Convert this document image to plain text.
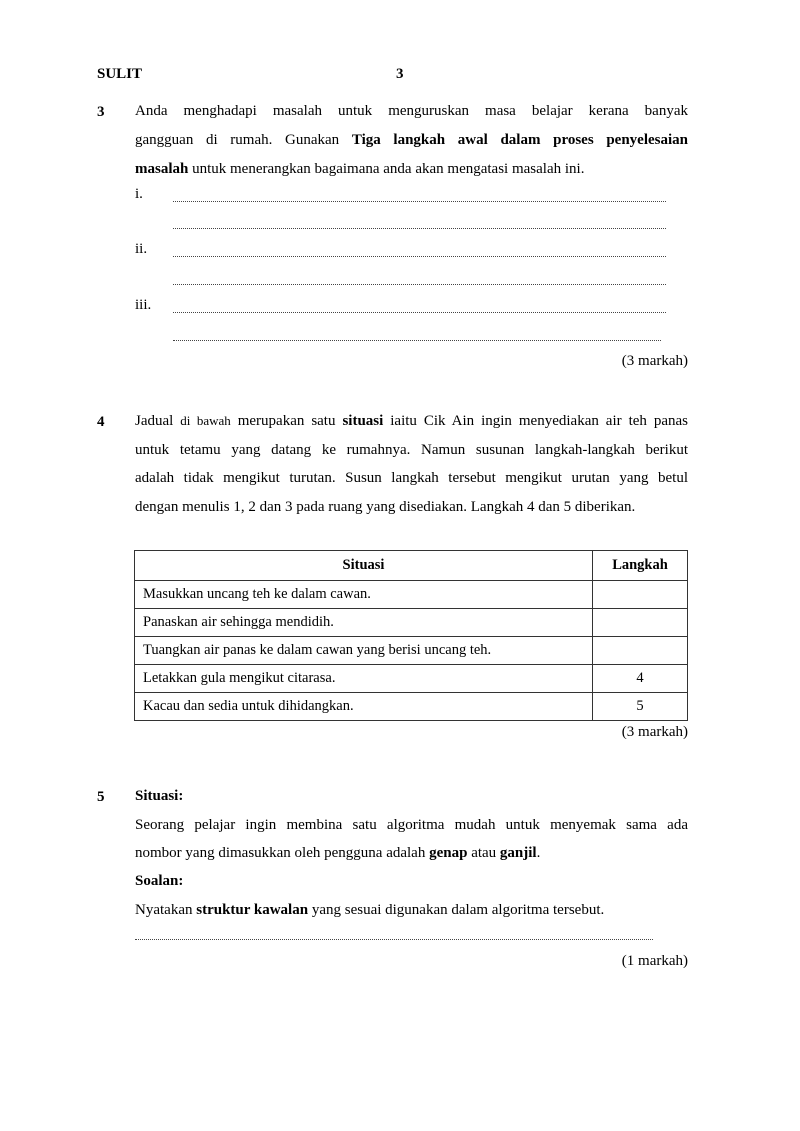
SULIT	3
3 Anda menghadapi masalah untuk menguruskan masa belajar kerana banyak
gangguan di rumah. Gunakan Tiga langkah awal dalam proses penyelesaian
masalah untuk menerangkan bagaimana anda akan mengatasi masalah ini.
i.
ii.
iii.
(3 markah)
4 Jadual di bawah merupakan satu situasi iaitu Cik Ain ingin menyediakan air teh panas
untuk tetamu yang datang ke rumahnya. Namun susunan langkah-langkah berikut
adalah tidak mengikut turutan. Susun langkah tersebut mengikut urutan yang betul
dengan menulis 1, 2 dan 3 pada ruang yang disediakan. Langkah 4 dan 5 diberikan.
Situasi	Langkah
Masukkan uncang teh ke dalam cawan.	
Panaskan air sehingga mendidih.	
Tuangkan air panas ke dalam cawan yang berisi uncang teh.	
Letakkan gula mengikut citarasa.	4
Kacau dan sedia untuk dihidangkan.	5
(3 markah)
5 Situasi:
Seorang pelajar ingin membina satu algoritma mudah untuk menyemak sama ada
nombor yang dimasukkan oleh pengguna adalah genap atau ganjil.
Soalan:
Nyatakan struktur kawalan yang sesuai digunakan dalam algoritma tersebut.
(1 markah)
